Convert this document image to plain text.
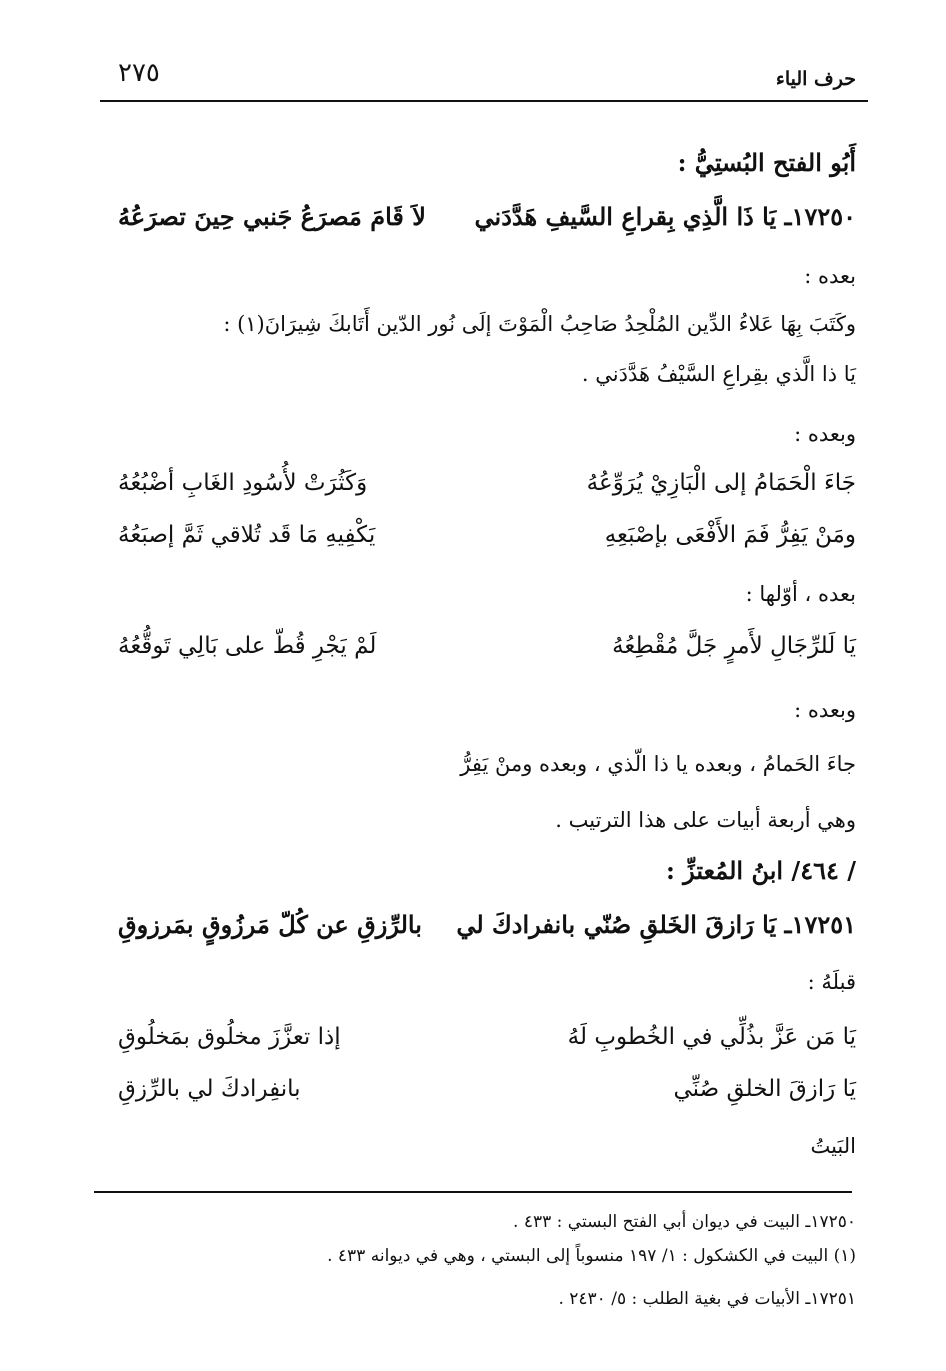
حرف الياء
٢٧٥
أَبُو الفتح البُستِيُّ :
١٧٢٥٠ـ يَا ذَا الَّذِي بِقراعِ السَّيفِ هَدَّدَني
لاَ قَامَ مَصرَعُ جَنبي حِينَ تصرَعُهُ
بعده :
وكَتَبَ بِهَا عَلاءُ الدِّين المُلْحِدُ صَاحِبُ الْمَوْتَ إلَى نُور الدّين أَتَابكَ شِيرَانَ(١) :
يَا ذا الَّذي بقِراعِ السَّيْفُ هَدَّدَني .
وبعده :
جَاءَ الْحَمَامُ إلى الْبَازِيْ يُرَوِّعُهُ
وَكَثُرَتْ لأُسُودِ الغَابِ أضْبُعُهُ
ومَنْ يَفِرُّ فَمَ الأَفْعَى بإصْبَعِهِ
يَكْفِيهِ مَا قَد تُلاقي ثَمَّ إصبَعُهُ
بعده ، أوّلها :
يَا لَلرِّجَالِ لأَمرٍ جَلَّ مُقْطِعُهُ
لَمْ يَجْرِ قُطّ على بَالِي تَوقُّعُهُ
وبعده :
جاءَ الحَمامُ ، وبعده يا ذا الّذي ، وبعده ومنْ يَفِرُّ
وهي أربعة أبيات على هذا الترتيب .
/ ٤٦٤/ ابنُ المُعتزِّ :
١٧٢٥١ـ يَا رَازقَ الخَلقِ صُنّي بانفرادكَ لي
بالرِّزقِ عن كُلّ مَرزُوقٍ بمَرزوقِ
قبلَهُ :
يَا مَن عَزَّ بذُلِّي في الخُطوبِ لَهُ
إذا تعزَّزَ مخلُوق بمَخلُوقِ
يَا رَازقَ الخلقِ صُنِّي
بانفِرادكَ لي بالرِّزقِ
البَيتُ
١٧٢٥٠ـ البيت في ديوان أبي الفتح البستي : ٤٣٣ .
(١) البيت في الكشكول : ١/ ١٩٧ منسوباً إلى البستي ، وهي في ديوانه ٤٣٣ .
١٧٢٥١ـ الأبيات في بغية الطلب : ٥/ ٢٤٣٠ .
